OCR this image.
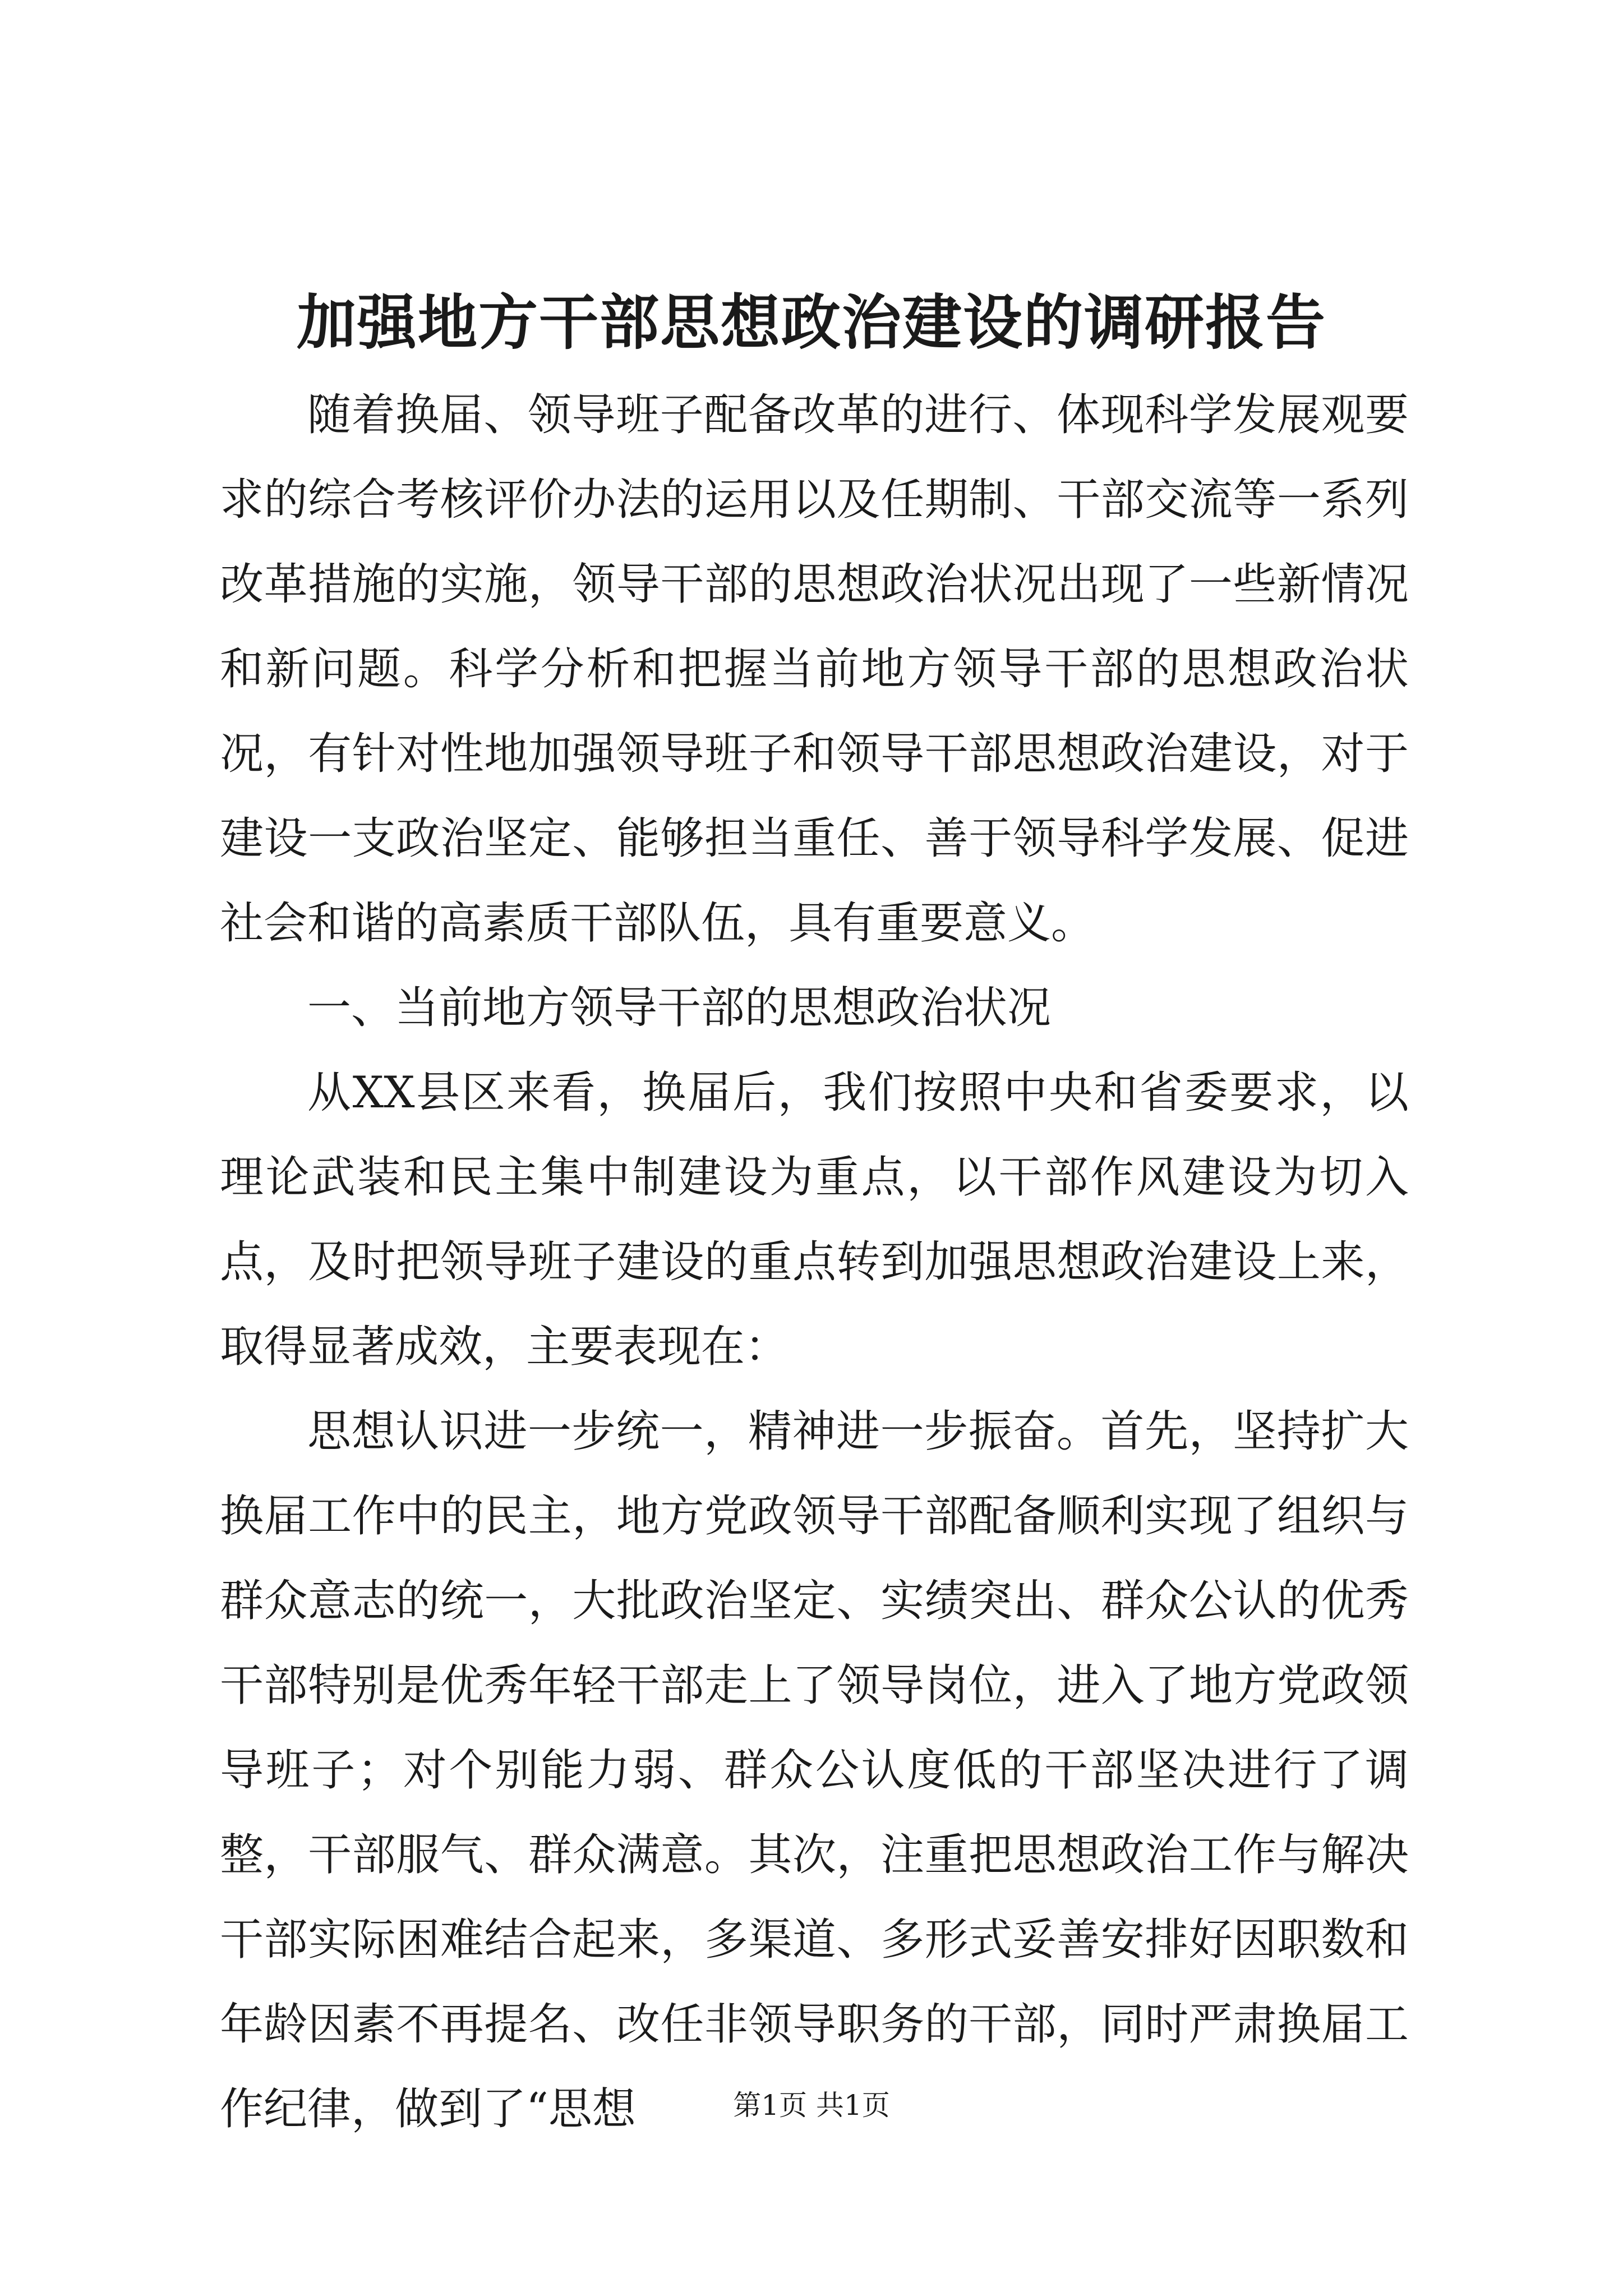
加强地方干部思想政治建设的调研报告

随着换届、领导班子配备改革的进行、体现科学发展观要求的综合考核评价办法的运用以及任期制、干部交流等一系列改革措施的实施，领导干部的思想政治状况出现了一些新情况和新问题。科学分析和把握当前地方领导干部的思想政治状况，有针对性地加强领导班子和领导干部思想政治建设，对于建设一支政治坚定、能够担当重任、善于领导科学发展、促进社会和谐的高素质干部队伍，具有重要意义。

一、当前地方领导干部的思想政治状况

从XX县区来看，换届后，我们按照中央和省委要求，以理论武装和民主集中制建设为重点，以干部作风建设为切入点，及时把领导班子建设的重点转到加强思想政治建设上来，取得显著成效，主要表现在：

思想认识进一步统一，精神进一步振奋。首先，坚持扩大换届工作中的民主，地方党政领导干部配备顺利实现了组织与群众意志的统一，大批政治坚定、实绩突出、群众公认的优秀干部特别是优秀年轻干部走上了领导岗位，进入了地方党政领导班子；对个别能力弱、群众公认度低的干部坚决进行了调整，干部服气、群众满意。其次，注重把思想政治工作与解决干部实际困难结合起来，多渠道、多形式妥善安排好因职数和年龄因素不再提名、改任非领导职务的干部，同时严肃换届工作纪律，做到了“思想	第1页 共1页
